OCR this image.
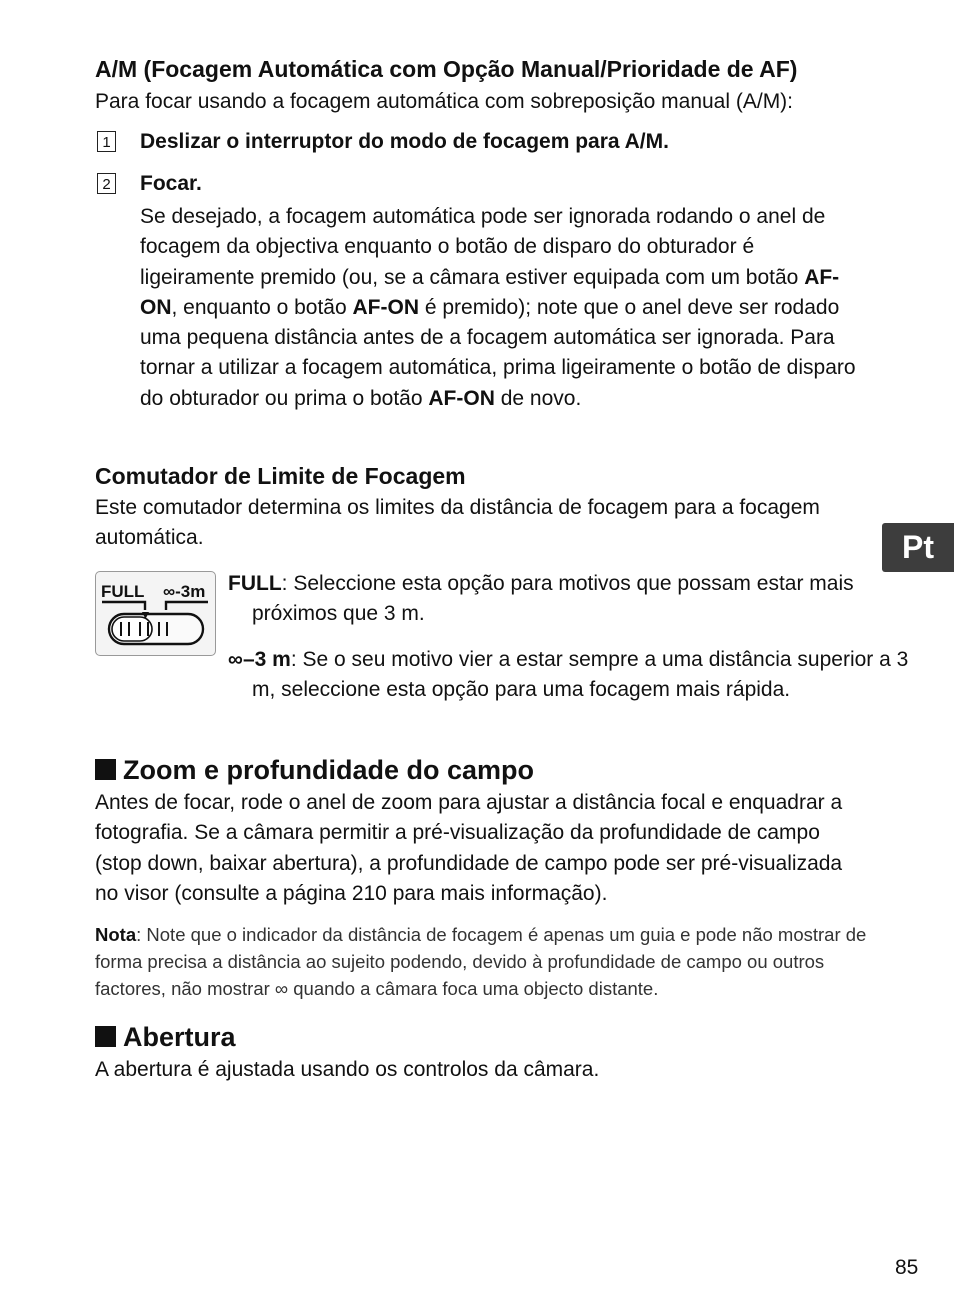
A/M (Focagem Automática com Opção Manual/Prioridade de AF)
Para focar usando a focagem automática com sobreposição manual (A/M):
1 Deslizar o interruptor do modo de focagem para A/M.
2 Focar.
Se desejado, a focagem automática pode ser ignorada rodando o anel de focagem da objectiva enquanto o botão de disparo do obturador é ligeiramente premido (ou, se a câmara estiver equipada com um botão AF-ON, enquanto o botão AF-ON é premido); note que o anel deve ser rodado uma pequena distância antes de a focagem automática ser ignorada. Para tornar a utilizar a focagem automática, prima ligeiramente o botão de disparo do obturador ou prima o botão AF-ON de novo.
Comutador de Limite de Focagem
Este comutador determina os limites da distância de focagem para a focagem automática.	Pt
FULL ∞-3m FULL: Seleccione esta opção para motivos que possam estar mais próximos que 3 m.
∞–3 m: Se o seu motivo vier a estar sempre a uma distância superior a 3 m, seleccione esta opção para uma focagem mais rápida.
Zoom e profundidade do campo
Antes de focar, rode o anel de zoom para ajustar a distância focal e enquadrar a fotografia. Se a câmara permitir a pré-visualização da profundidade de campo (stop down, baixar abertura), a profundidade de campo pode ser pré-visualizada no visor (consulte a página 210 para mais informação).
Nota: Note que o indicador da distância de focagem é apenas um guia e pode não mostrar de forma precisa a distância ao sujeito podendo, devido à profundidade de campo ou outros factores, não mostrar ∞ quando a câmara foca uma objecto distante.
Abertura
A abertura é ajustada usando os controlos da câmara.
85
